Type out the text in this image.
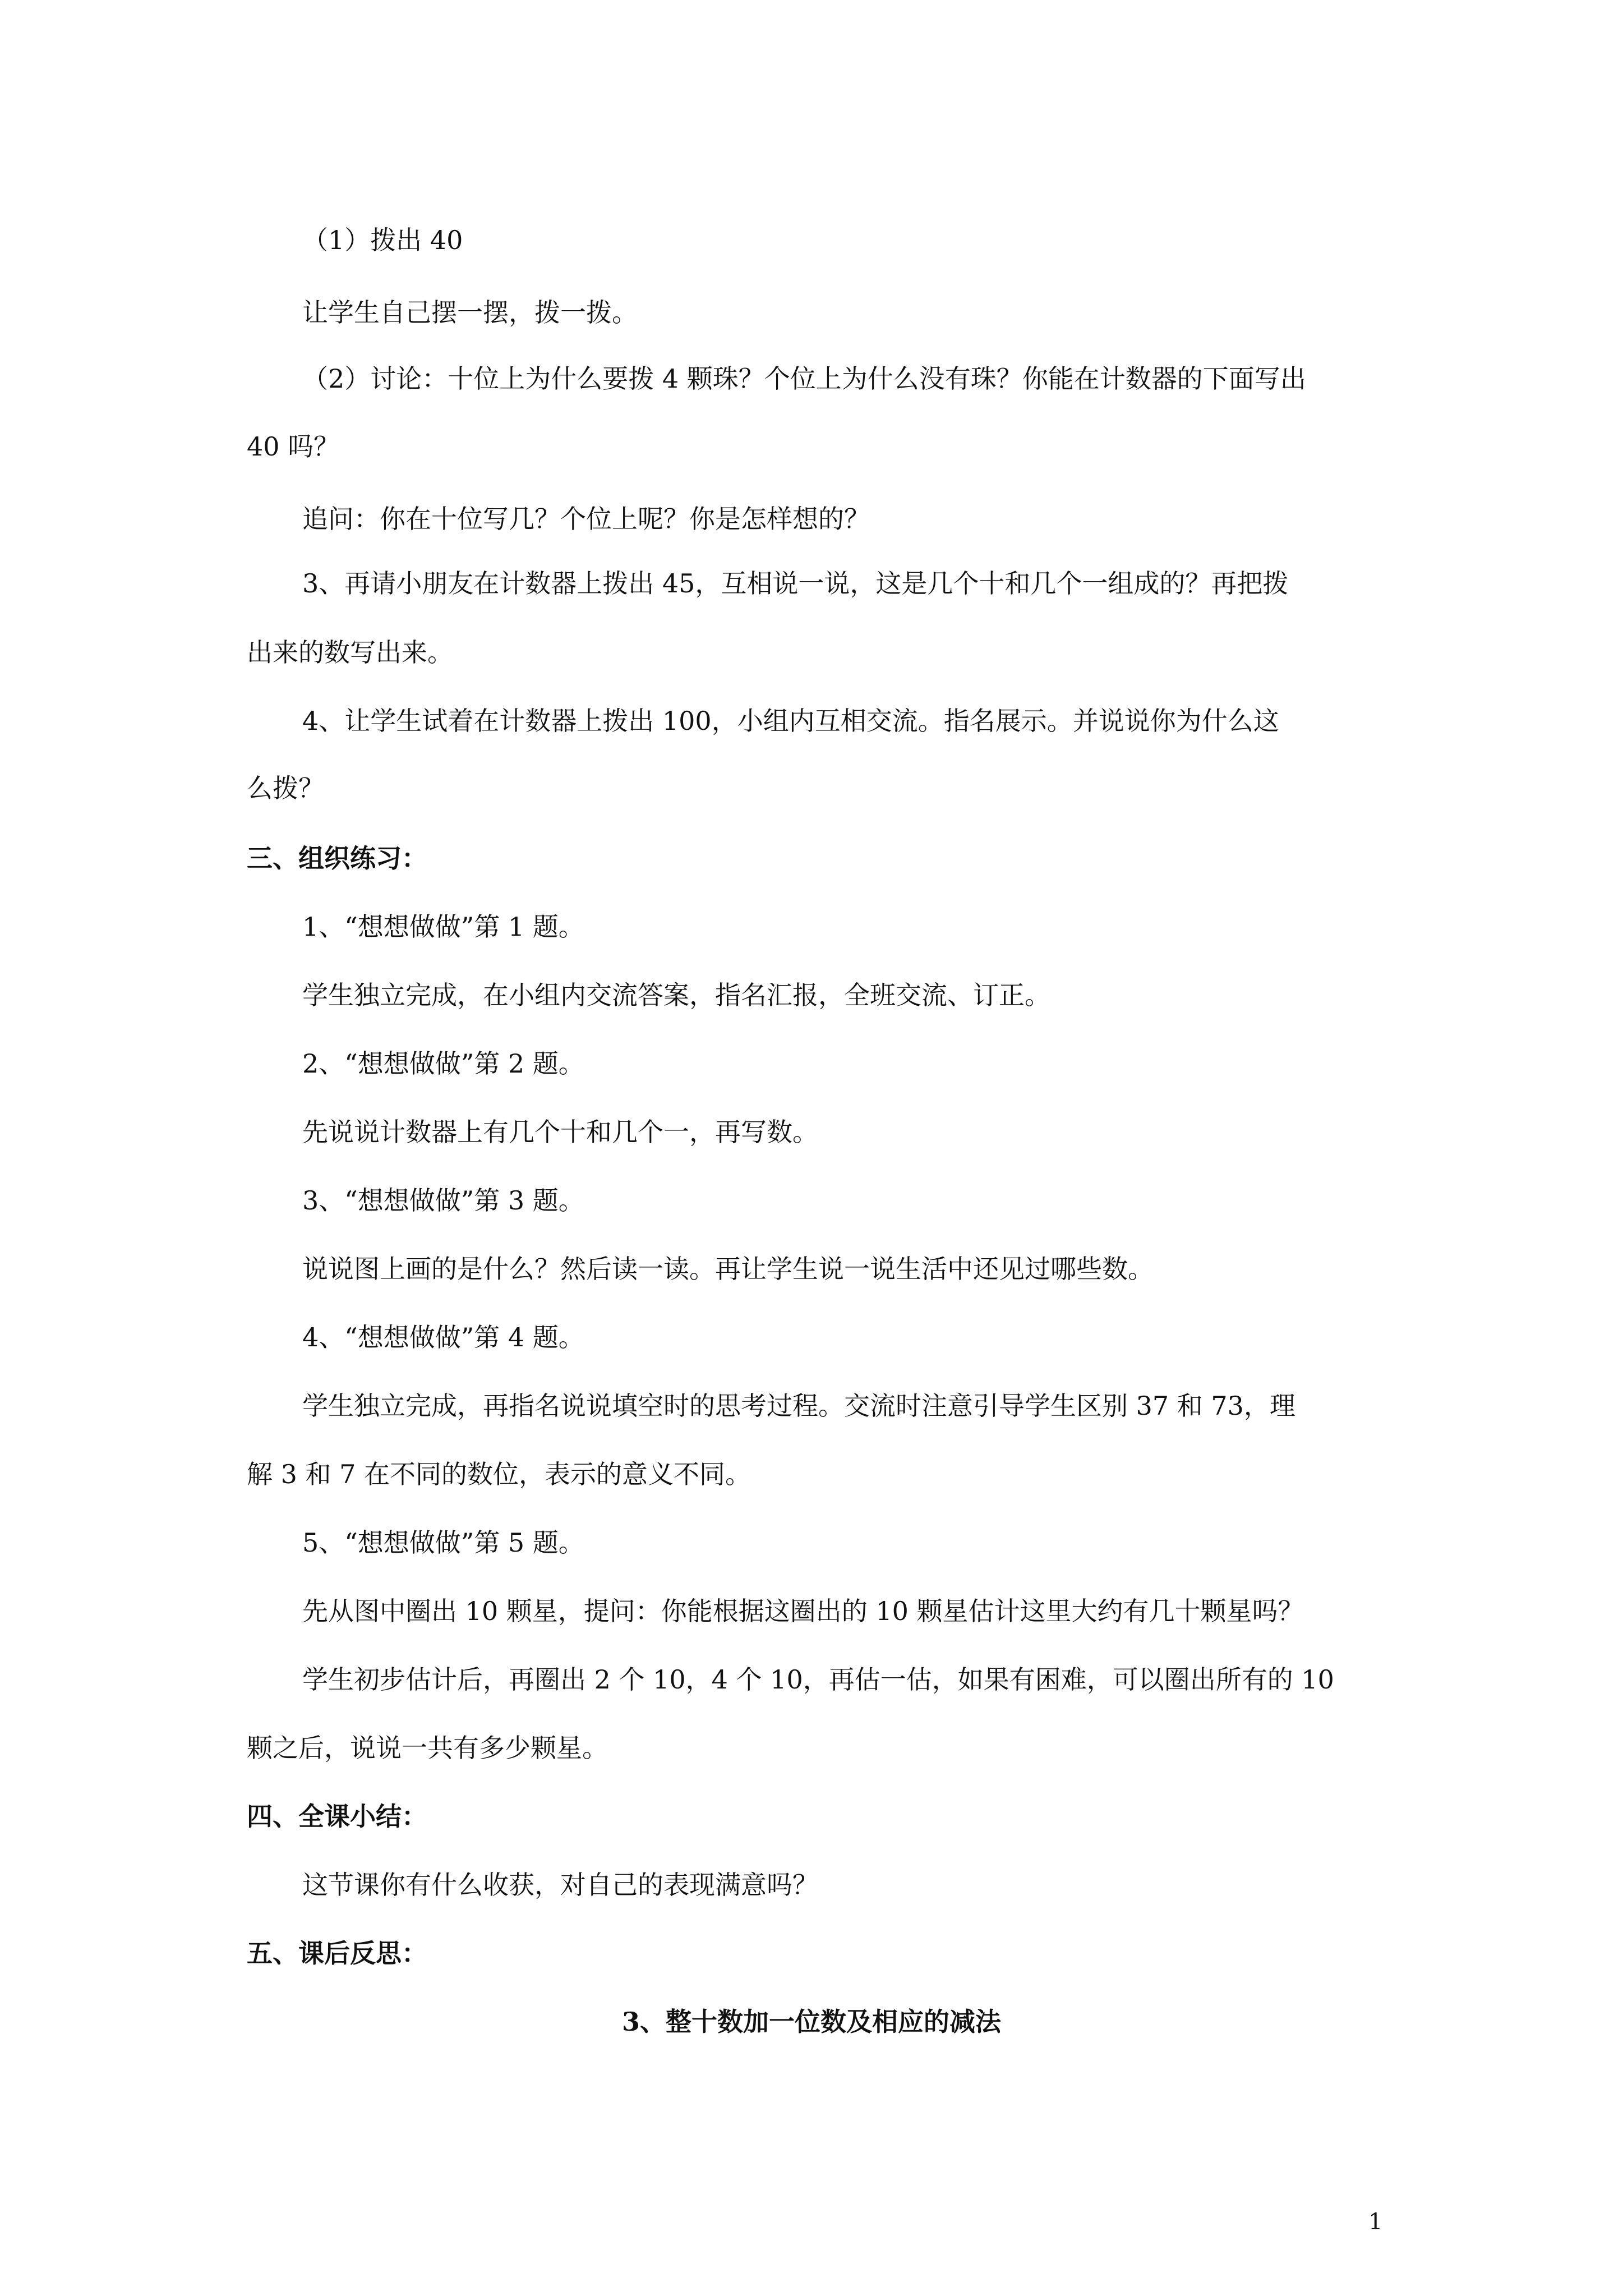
（1）拨出 40
让学生自己摆一摆，拨一拨。
（2）讨论：十位上为什么要拨 4 颗珠？个位上为什么没有珠？你能在计数器的下面写出
40 吗？
追问：你在十位写几？个位上呢？你是怎样想的？
3、再请小朋友在计数器上拨出 45，互相说一说，这是几个十和几个一组成的？再把拨
出来的数写出来。
4、让学生试着在计数器上拨出 100，小组内互相交流。指名展示。并说说你为什么这
么拨？
三、组织练习：
1、“想想做做”第 1 题。
学生独立完成，在小组内交流答案，指名汇报，全班交流、订正。
2、“想想做做”第 2 题。
先说说计数器上有几个十和几个一，再写数。
3、“想想做做”第 3 题。
说说图上画的是什么？然后读一读。再让学生说一说生活中还见过哪些数。
4、“想想做做”第 4 题。
学生独立完成，再指名说说填空时的思考过程。交流时注意引导学生区别 37 和 73，理
解 3 和 7 在不同的数位，表示的意义不同。
5、“想想做做”第 5 题。
先从图中圈出 10 颗星，提问：你能根据这圈出的 10 颗星估计这里大约有几十颗星吗？
学生初步估计后，再圈出 2 个 10，4 个 10，再估一估，如果有困难，可以圈出所有的 10
颗之后，说说一共有多少颗星。
四、全课小结：
这节课你有什么收获，对自己的表现满意吗？
五、课后反思：
3、整十数加一位数及相应的减法
1
